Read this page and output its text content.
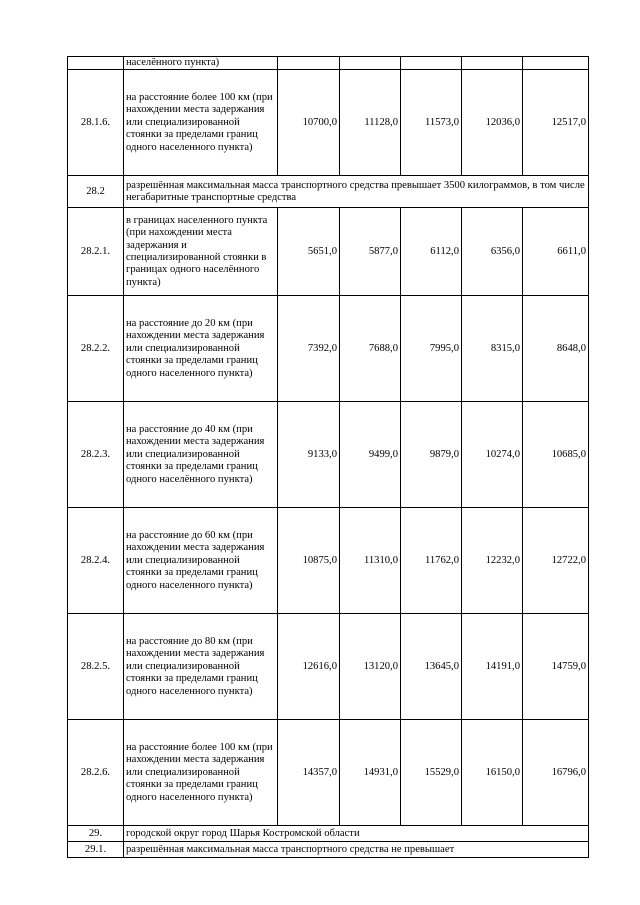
	населённого пункта)					
28.1.6.	на расстояние более 100 км (при нахождении места задержания или специализированной стоянки за пределами границ одного населенного пункта)	10700,0	11128,0	11573,0	12036,0	12517,0
28.2	разрешённая максимальная масса транспортного средства превышает 3500 килограммов, в том числе негабаритные транспортные средства					
28.2.1.	в границах населенного пункта (при нахождении места задержания и специализированной стоянки в границах одного населённого пункта)	5651,0	5877,0	6112,0	6356,0	6611,0
28.2.2.	на расстояние до 20 км (при нахождении места задержания или специализированной стоянки за пределами границ одного населенного пункта)	7392,0	7688,0	7995,0	8315,0	8648,0
28.2.3.	на расстояние до 40 км (при нахождении места задержания или специализированной стоянки за пределами границ одного населённого пункта)	9133,0	9499,0	9879,0	10274,0	10685,0
28.2.4.	на расстояние до 60 км (при нахождении места задержания или специализированной стоянки за пределами границ одного населенного пункта)	10875,0	11310,0	11762,0	12232,0	12722,0
28.2.5.	на расстояние до 80 км (при нахождении места задержания или специализированной стоянки за пределами границ одного населенного пункта)	12616,0	13120,0	13645,0	14191,0	14759,0
28.2.6.	на расстояние более 100 км (при нахождении места задержания или специализированной стоянки за пределами границ одного населенного пункта)	14357,0	14931,0	15529,0	16150,0	16796,0
29.	городской округ город Шарья Костромской области					
29.1.	разрешённая максимальная масса транспортного средства не превышает					
